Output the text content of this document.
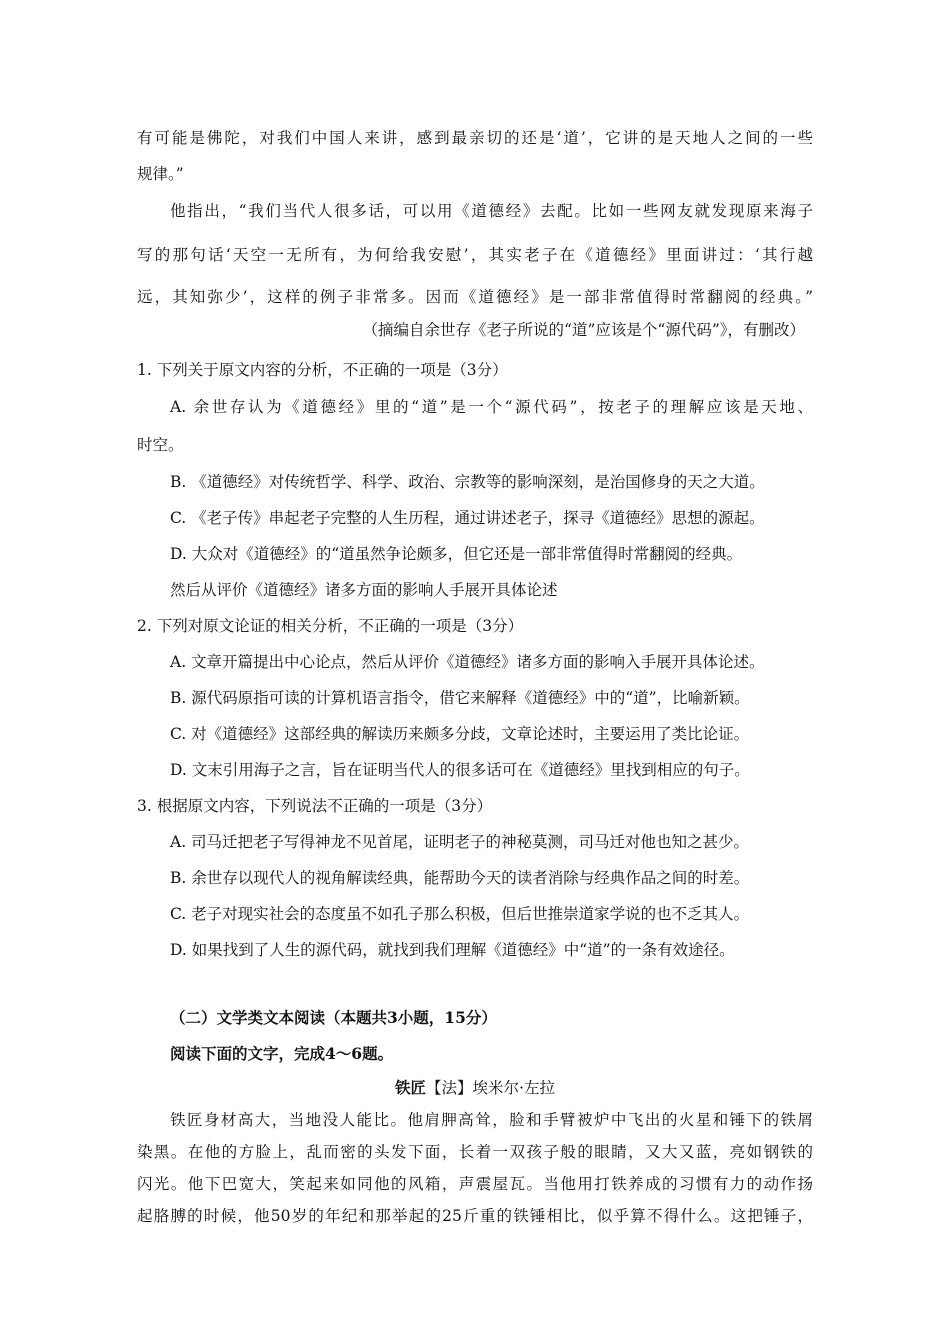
有可能是佛陀，对我们中国人来讲，感到最亲切的还是‘道’，它讲的是天地人之间的一些
规律。”
他指出，“我们当代人很多话，可以用《道德经》去配。比如一些网友就发现原来海子
写的那句话‘天空一无所有，为何给我安慰’，其实老子在《道德经》里面讲过：‘其行越
远，其知弥少’，这样的例子非常多。因而《道德经》是一部非常值得时常翻阅的经典。”
（摘编自余世存《老子所说的“道”应该是个“源代码”》，有删改）
1. 下列关于原文内容的分析，不正确的一项是（3分）
A. 余世存认为《道德经》里的“道”是一个“源代码”，按老子的理解应该是天地、
时空。
B. 《道德经》对传统哲学、科学、政治、宗教等的影响深刻，是治国修身的天之大道。
C. 《老子传》串起老子完整的人生历程，通过讲述老子，探寻《道德经》思想的源起。
D. 大众对《道德经》的“道虽然争论颇多，但它还是一部非常值得时常翻阅的经典。
然后从评价《道德经》诸多方面的影响人手展开具体论述
2. 下列对原文论证的相关分析，不正确的一项是（3分）
A. 文章开篇提出中心论点，然后从评价《道德经》诸多方面的影响入手展开具体论述。
B. 源代码原指可读的计算机语言指令，借它来解释《道德经》中的“道”，比喻新颖。
C. 对《道德经》这部经典的解读历来颇多分歧，文章论述时，主要运用了类比论证。
D. 文末引用海子之言，旨在证明当代人的很多话可在《道德经》里找到相应的句子。
3. 根据原文内容，下列说法不正确的一项是（3分）
A. 司马迁把老子写得神龙不见首尾，证明老子的神秘莫测，司马迁对他也知之甚少。
B. 余世存以现代人的视角解读经典，能帮助今天的读者消除与经典作品之间的时差。
C. 老子对现实社会的态度虽不如孔子那么积极，但后世推崇道家学说的也不乏其人。
D. 如果找到了人生的源代码，就找到我们理解《道德经》中“道”的一条有效途径。
（二）文学类文本阅读（本题共3小题，15分）
阅读下面的文字，完成4～6题。
铁匠【法】埃米尔·左拉
铁匠身材高大，当地没人能比。他肩胛高耸，脸和手臂被炉中飞出的火星和锤下的铁屑
染黑。在他的方脸上，乱而密的头发下面，长着一双孩子般的眼睛，又大又蓝，亮如钢铁的
闪光。他下巴宽大，笑起来如同他的风箱，声震屋瓦。当他用打铁养成的习惯有力的动作扬
起胳膊的时候，他50岁的年纪和那举起的25斤重的铁锤相比，似乎算不得什么。这把锤子，
